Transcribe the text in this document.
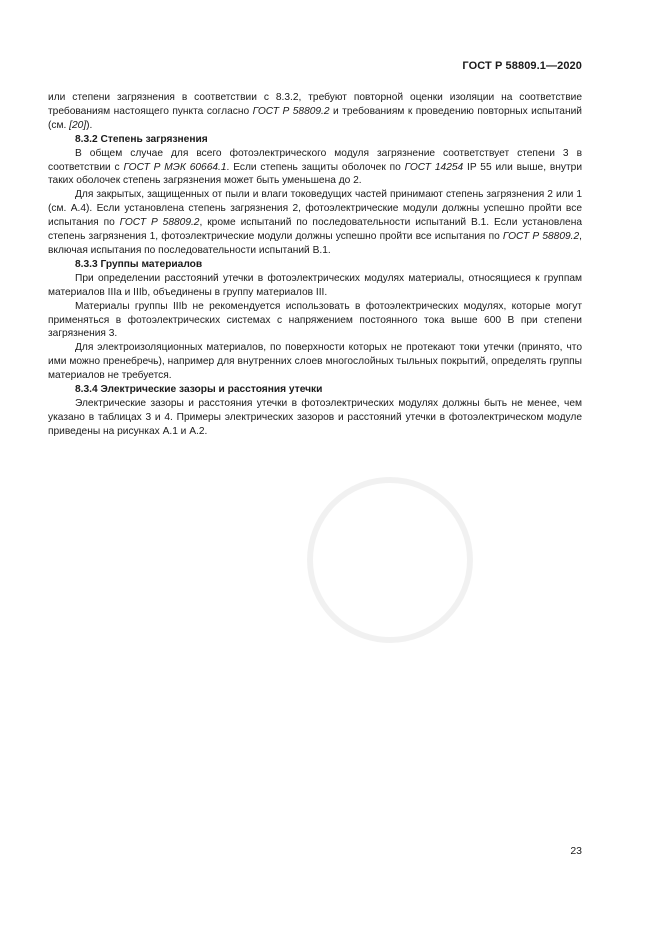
ГОСТ Р 58809.1—2020

или степени загрязнения в соответствии с 8.3.2, требуют повторной оценки изоляции на соответствие требованиям настоящего пункта согласно ГОСТ Р 58809.2 и требованиям к проведению повторных испытаний (см. [20]).

8.3.2 Степень загрязнения

В общем случае для всего фотоэлектрического модуля загрязнение соответствует степени 3 в соответствии с ГОСТ Р МЭК 60664.1. Если степень защиты оболочек по ГОСТ 14254 IP 55 или выше, внутри таких оболочек степень загрязнения может быть уменьшена до 2.

Для закрытых, защищенных от пыли и влаги токоведущих частей принимают степень загрязнения 2 или 1 (см. А.4). Если установлена степень загрязнения 2, фотоэлектрические модули должны успешно пройти все испытания по ГОСТ Р 58809.2, кроме испытаний по последовательности испытаний В.1. Если установлена степень загрязнения 1, фотоэлектрические модули должны успешно пройти все испытания по ГОСТ Р 58809.2, включая испытания по последовательности испытаний В.1.

8.3.3 Группы материалов

При определении расстояний утечки в фотоэлектрических модулях материалы, относящиеся к группам материалов IIIa и IIIb, объединены в группу материалов III.

Материалы группы IIIb не рекомендуется использовать в фотоэлектрических модулях, которые могут применяться в фотоэлектрических системах с напряжением постоянного тока выше 600 В при степени загрязнения 3.

Для электроизоляционных материалов, по поверхности которых не протекают токи утечки (принято, что ими можно пренебречь), например для внутренних слоев многослойных тыльных покрытий, определять группы материалов не требуется.

8.3.4 Электрические зазоры и расстояния утечки

Электрические зазоры и расстояния утечки в фотоэлектрических модулях должны быть не менее, чем указано в таблицах 3 и 4. Примеры электрических зазоров и расстояний утечки в фотоэлектрическом модуле приведены на рисунках А.1 и А.2.

23
